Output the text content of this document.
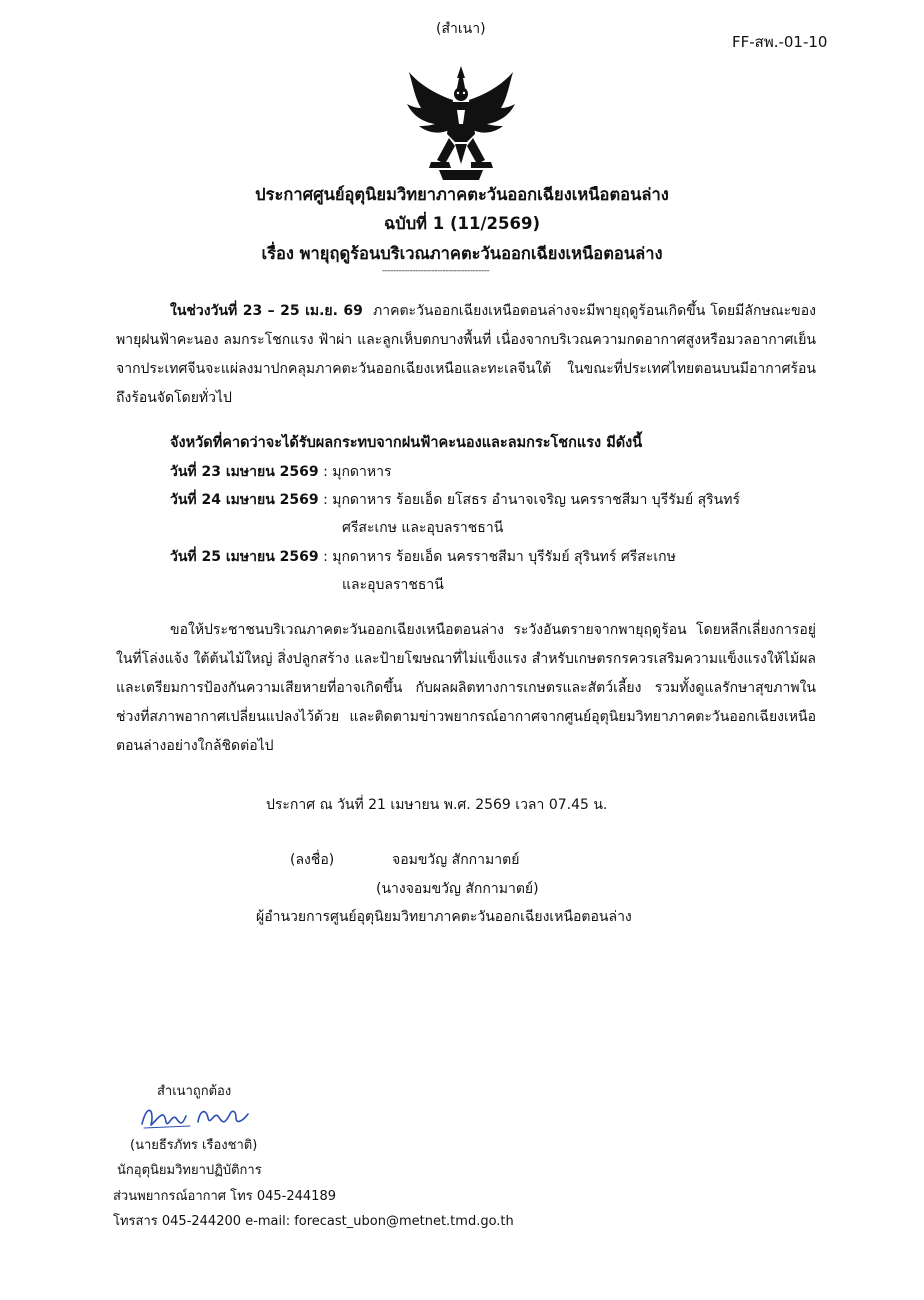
(สำเนา)
FF-สพ.-01-10
ประกาศศูนย์อุตุนิยมวิทยาภาคตะวันออกเฉียงเหนือตอนล่าง
ฉบับที่ 1 (11/2569)
เรื่อง พายุฤดูร้อนบริเวณภาคตะวันออกเฉียงเหนือตอนล่าง
---------------------------------------
ในช่วงวันที่ 23 – 25 เม.ย. 69 ภาคตะวันออกเฉียงเหนือตอนล่างจะมีพายุฤดูร้อนเกิดขึ้น โดยมีลักษณะของพายุฝนฟ้าคะนอง ลมกระโชกแรง ฟ้าผ่า และลูกเห็บตกบางพื้นที่ เนื่องจากบริเวณความกดอากาศสูงหรือมวลอากาศเย็นจากประเทศจีนจะแผ่ลงมาปกคลุมภาคตะวันออกเฉียงเหนือและทะเลจีนใต้ ในขณะที่ประเทศไทยตอนบนมีอากาศร้อนถึงร้อนจัดโดยทั่วไป
จังหวัดที่คาดว่าจะได้รับผลกระทบจากฝนฟ้าคะนองและลมกระโชกแรง มีดังนี้
วันที่ 23 เมษายน 2569 : มุกดาหาร
วันที่ 24 เมษายน 2569 : มุกดาหาร ร้อยเอ็ด ยโสธร อำนาจเจริญ นครราชสีมา บุรีรัมย์ สุรินทร์
ศรีสะเกษ และอุบลราชธานี
วันที่ 25 เมษายน 2569 : มุกดาหาร ร้อยเอ็ด นครราชสีมา บุรีรัมย์ สุรินทร์ ศรีสะเกษ
และอุบลราชธานี
ขอให้ประชาชนบริเวณภาคตะวันออกเฉียงเหนือตอนล่าง ระวังอันตรายจากพายุฤดูร้อน โดยหลีกเลี่ยงการอยู่ในที่โล่งแจ้ง ใต้ต้นไม้ใหญ่ สิ่งปลูกสร้าง และป้ายโฆษณาที่ไม่แข็งแรง สำหรับเกษตรกรควรเสริมความแข็งแรงให้ไม้ผล และเตรียมการป้องกันความเสียหายที่อาจเกิดขึ้น กับผลผลิตทางการเกษตรและสัตว์เลี้ยง รวมทั้งดูแลรักษาสุขภาพในช่วงที่สภาพอากาศเปลี่ยนแปลงไว้ด้วย และติดตามข่าวพยากรณ์อากาศจากศูนย์อุตุนิยมวิทยาภาคตะวันออกเฉียงเหนือตอนล่างอย่างใกล้ชิดต่อไป
ประกาศ ณ วันที่ 21 เมษายน พ.ศ. 2569 เวลา 07.45 น.
(ลงชื่อ)	จอมขวัญ สักกามาตย์
(นางจอมขวัญ สักกามาตย์)
ผู้อำนวยการศูนย์อุตุนิยมวิทยาภาคตะวันออกเฉียงเหนือตอนล่าง
สำเนาถูกต้อง
(นายธีรภัทร เรืองชาติ)
นักอุตุนิยมวิทยาปฏิบัติการ
ส่วนพยากรณ์อากาศ โทร 045-244189
โทรสาร 045-244200 e-mail: forecast_ubon@metnet.tmd.go.th
